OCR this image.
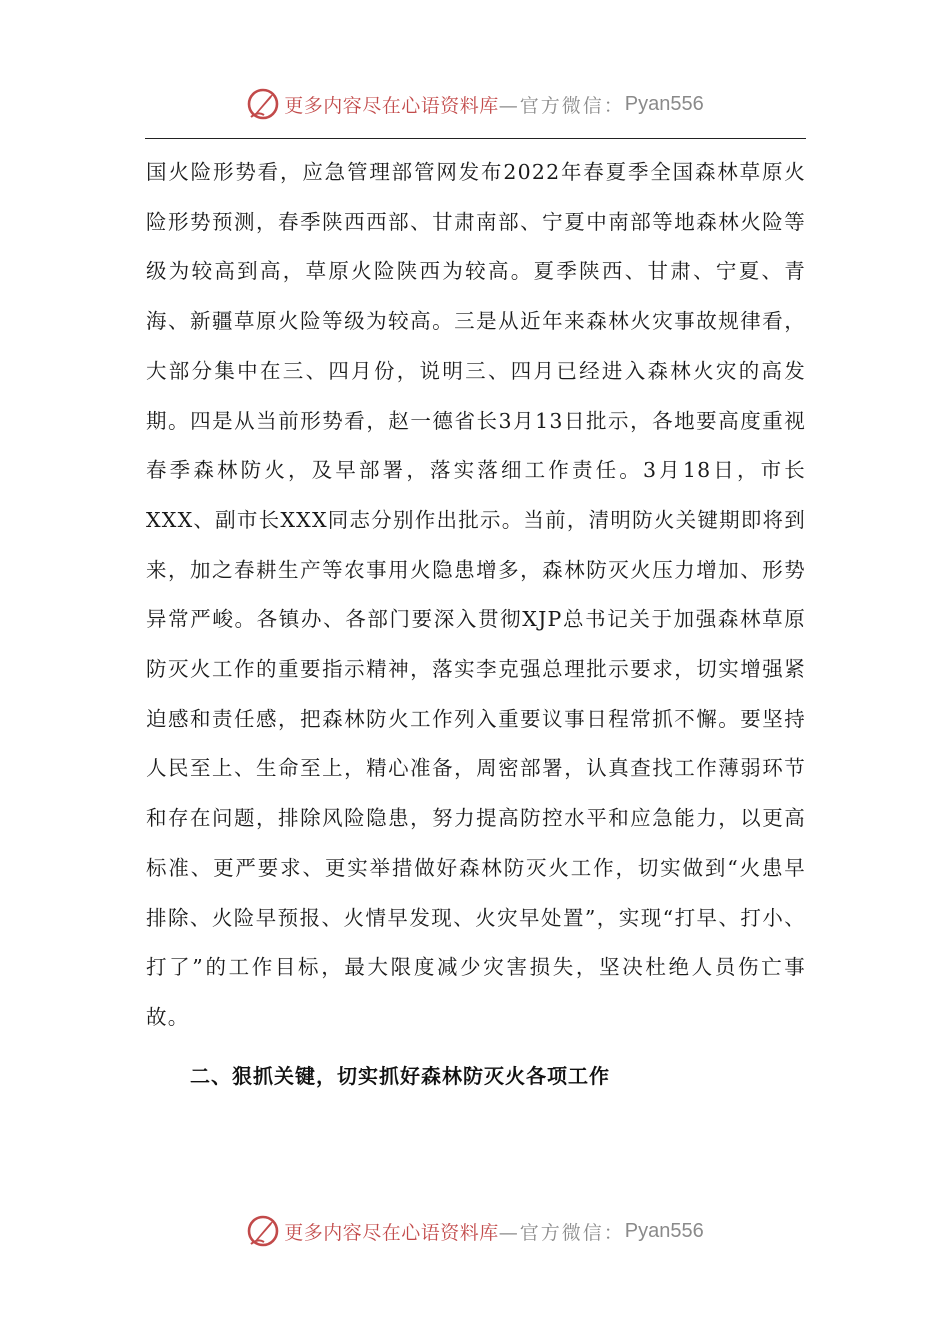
更多内容尽在心语资料库 —官方微信： Pyan556

国火险形势看，应急管理部管网发布2022年春夏季全国森林草原火险形势预测，春季陕西西部、甘肃南部、宁夏中南部等地森林火险等级为较高到高，草原火险陕西为较高。夏季陕西、甘肃、宁夏、青海、新疆草原火险等级为较高。三是从近年来森林火灾事故规律看，大部分集中在三、四月份，说明三、四月已经进入森林火灾的高发期。四是从当前形势看，赵一德省长3月13日批示，各地要高度重视春季森林防火，及早部署，落实落细工作责任。3月18日，市长XXX、副市长XXX同志分别作出批示。当前，清明防火关键期即将到来，加之春耕生产等农事用火隐患增多，森林防灭火压力增加、形势异常严峻。各镇办、各部门要深入贯彻XJP总书记关于加强森林草原防灭火工作的重要指示精神，落实李克强总理批示要求，切实增强紧迫感和责任感，把森林防火工作列入重要议事日程常抓不懈。要坚持人民至上、生命至上，精心准备，周密部署，认真查找工作薄弱环节和存在问题，排除风险隐患，努力提高防控水平和应急能力，以更高标准、更严要求、更实举措做好森林防灭火工作，切实做到“火患早排除、火险早预报、火情早发现、火灾早处置”，实现“打早、打小、打了”的工作目标，最大限度减少灾害损失，坚决杜绝人员伤亡事故。

二、狠抓关键，切实抓好森林防灭火各项工作
更多内容尽在心语资料库 —官方微信： Pyan556
